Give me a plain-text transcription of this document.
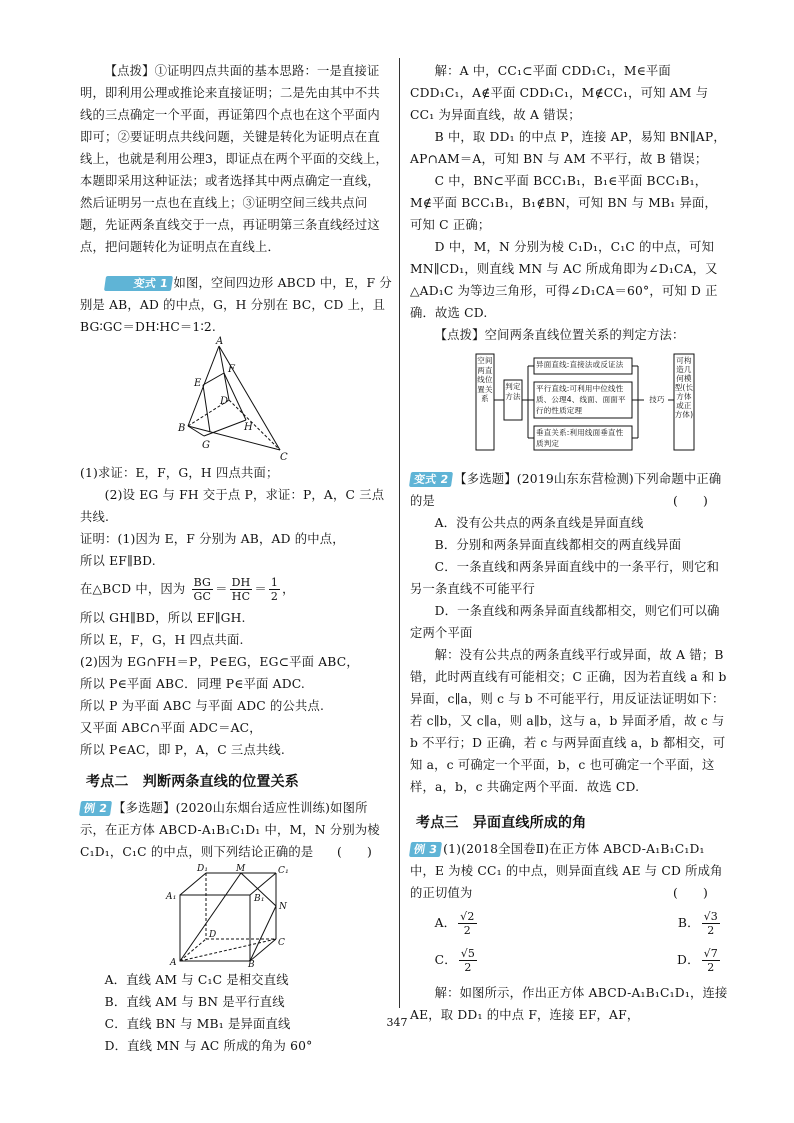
【点拨】①证明四点共面的基本思路：一是直接证明，即利用公理或推论来直接证明；二是先由其中不共线的三点确定一个平面，再证第四个点也在这个平面内即可；②要证明点共线问题，关键是转化为证明点在直线上，也就是利用公理3，即证点在两个平面的交线上，本题即采用这种证法；或者选择其中两点确定一直线，然后证明另一点也在直线上；③证明空间三线共点问题，先证两条直线交于一点，再证明第三条直线经过这点，把问题转化为证明点在直线上．

变式 1 如图，空间四边形 ABCD 中，E，F 分别是 AB，AD 的中点，G，H 分别在 BC，CD 上，且 BG∶GC＝DH∶HC＝1∶2.

A
E
F
D
B
G
H
C

(1)求证：E，F，G，H 四点共面；

(2)设 EG 与 FH 交于点 P，求证：P，A，C 三点共线.

证明：(1)因为 E，F 分别为 AB，AD 的中点，

所以 EF∥BD.

在△BCD 中，因为 $\frac{BG}{GC} = \frac{DH}{HC} = \frac{1}{2}$ ，

所以 GH∥BD，所以 EF∥GH.

所以 E，F，G，H 四点共面.

(2)因为 EG∩FH＝P，P∈EG，EG⊂平面 ABC，

所以 P∈平面 ABC．同理 P∈平面 ADC.

所以 P 为平面 ABC 与平面 ADC 的公共点.

又平面 ABC∩平面 ADC＝AC，

所以 P∈AC，即 P，A，C 三点共线.

考点二　判断两条直线的位置关系

例 2 【多选题】(2020山东烟台适应性训练)如图所示，在正方体 ABCD-A₁B₁C₁D₁ 中，M，N 分别为棱 C₁D₁，C₁C 的中点，则下列结论正确的是 (　　)

D₁	M	C₁
A₁	B₁
N
D
C
A	B

A．直线 AM 与 C₁C 是相交直线

B．直线 AM 与 BN 是平行直线

C．直线 BN 与 MB₁ 是异面直线

D．直线 MN 与 AC 所成的角为 60°

解：A 中，CC₁⊂平面 CDD₁C₁，M∈平面 CDD₁C₁，A∉平面 CDD₁C₁，M∉CC₁，可知 AM 与 CC₁ 为异面直线，故 A 错误；

B 中，取 DD₁ 的中点 P，连接 AP，易知 BN∥AP，AP∩AM＝A，可知 BN 与 AM 不平行，故 B 错误；

C 中，BN⊂平面 BCC₁B₁，B₁∈平面 BCC₁B₁，M∉平面 BCC₁B₁，B₁∉BN，可知 BN 与 MB₁ 异面，可知 C 正确；

D 中，M，N 分别为棱 C₁D₁，C₁C 的中点，可知 MN∥CD₁，则直线 MN 与 AC 所成角即为∠D₁CA，又△AD₁C 为等边三角形，可得∠D₁CA＝60°，可知 D 正确．故选 CD.

【点拨】空间两条直线位置关系的判定方法：

空间两直线位置关系
判定方法
异面直线:直接法或反证法
平行直线:可利用中位线性质、公理4、线面、面面平行的性质定理
垂直关系:利用线面垂直性质判定
技巧
可构造几何模型(长方体或正方体)

变式 2 【多选题】(2019山东东营检测)下列命题中正确的是	(　　)

A．没有公共点的两条直线是异面直线

B．分别和两条异面直线都相交的两直线异面

C．一条直线和两条异面直线中的一条平行，则它和另一条直线不可能平行

D．一条直线和两条异面直线都相交，则它们可以确定两个平面

解：没有公共点的两条直线平行或异面，故 A 错；B 错，此时两直线有可能相交；C 正确，因为若直线 a 和 b 异面，c∥a，则 c 与 b 不可能平行，用反证法证明如下：若 c∥b，又 c∥a，则 a∥b，这与 a，b 异面矛盾，故 c 与 b 不平行；D 正确，若 c 与两异面直线 a，b 都相交，可知 a，c 可确定一个平面，b，c 也可确定一个平面，这样，a，b，c 共确定两个平面．故选 CD.

考点三　异面直线所成的角

例 3 (1)(2018全国卷Ⅱ)在正方体 ABCD-A₁B₁C₁D₁ 中，E 为棱 CC₁ 的中点，则异面直线 AE 与 CD 所成角的正切值为	(　　)

A． $\frac{√2}{2}$	B． $\frac{√3}{2}$
C． $\frac{√5}{2}$	D． $\frac{√7}{2}$

解：如图所示，作出正方体 ABCD-A₁B₁C₁D₁，连接 AE，取 DD₁ 的中点 F，连接 EF，AF，

347
